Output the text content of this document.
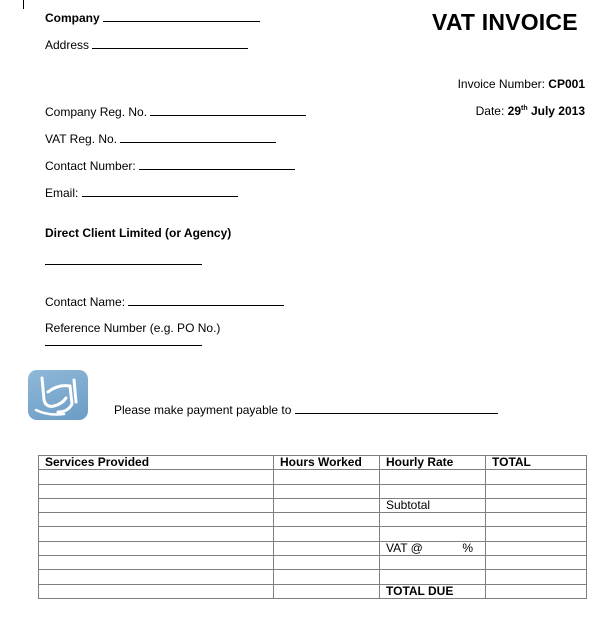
Company
Address
VAT INVOICE
Invoice Number: CP001
Date: 29th July 2013
Company Reg. No.
VAT Reg. No.
Contact Number:
Email:
Direct Client Limited (or Agency)
Contact Name:
Reference Number (e.g. PO No.)
Please make payment payable to
Services Provided	Hours Worked	Hourly Rate	TOTAL

		Subtotal	

		VAT @ %	

		TOTAL DUE	
